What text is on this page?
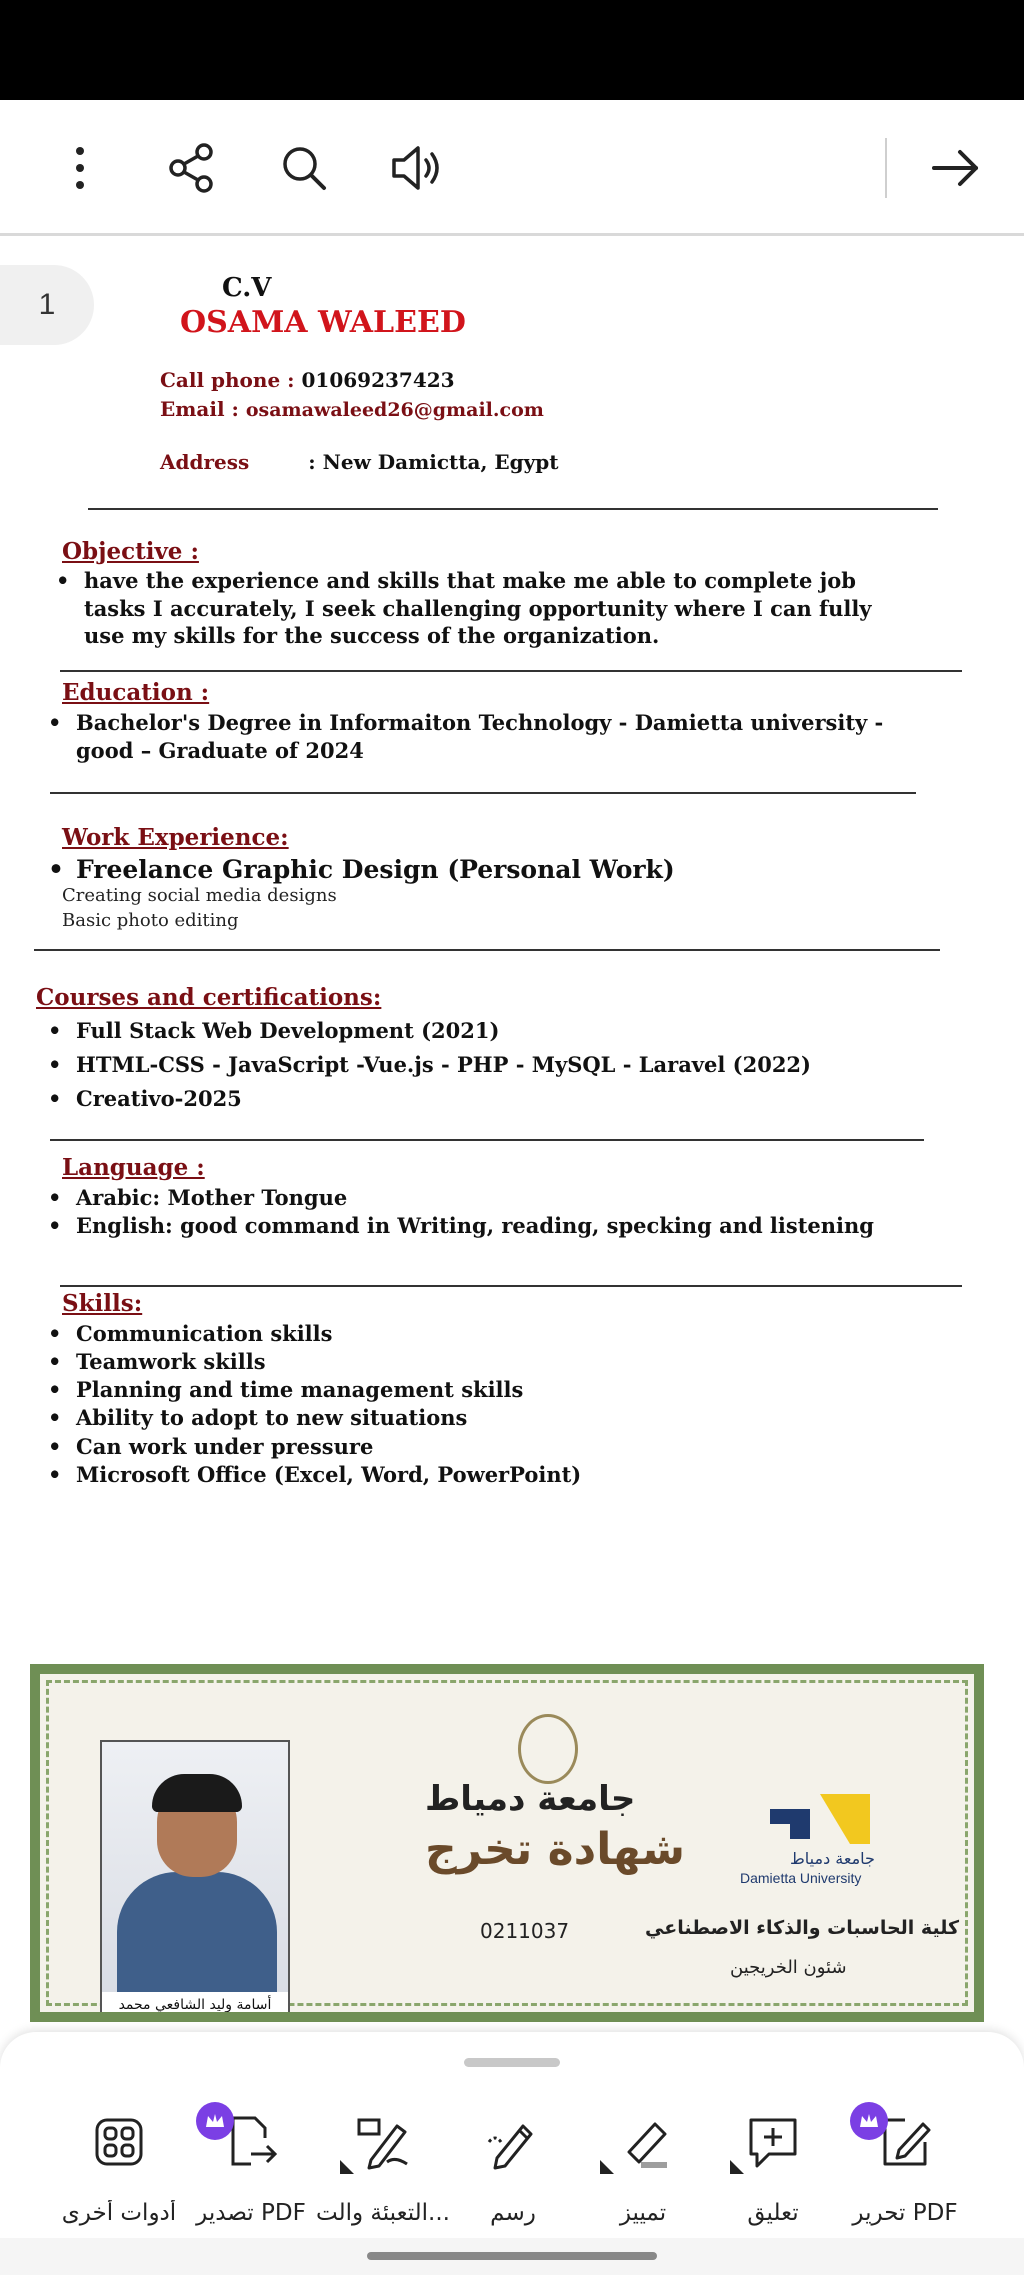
1	C.V
OSAMA WALEED
Call phone : 01069237423
Email : osamawaleed26@gmail.com
Address	: New Damictta, Egypt
Objective :
• have the experience and skills that make me able to complete job tasks I accurately, I seek challenging opportunity where I can fully use my skills for the success of the organization.
Education :
• Bachelor's Degree in Informaiton Technology - Damietta university - good – Graduate of 2024
Work Experience:
• Freelance Graphic Design (Personal Work)
Creating social media designs
Basic photo editing
Courses and certifications:
• Full Stack Web Development (2021)
• HTML-CSS - JavaScript -Vue.js - PHP - MySQL - Laravel (2022)
• Creativo-2025
Language :
• Arabic: Mother Tongue
• English: good command in Writing, reading, specking and listening
Skills:
• Communication skills
• Teamwork skills
• Planning and time management skills
• Ability to adopt to new situations
• Can work under pressure
• Microsoft Office (Excel, Word, PowerPoint)
أسامة وليد الشافعي محمد
جامعة دمياط
شهادة تخرج
0211037
جامعة دمياط
Damietta University
كلية الحاسبات والذكاء الاصطناعي
شئون الخريجين
أدوات أخرى تصدير PDF التعبئة والت...	رسم	تمييز	تعليق	تحرير PDF
